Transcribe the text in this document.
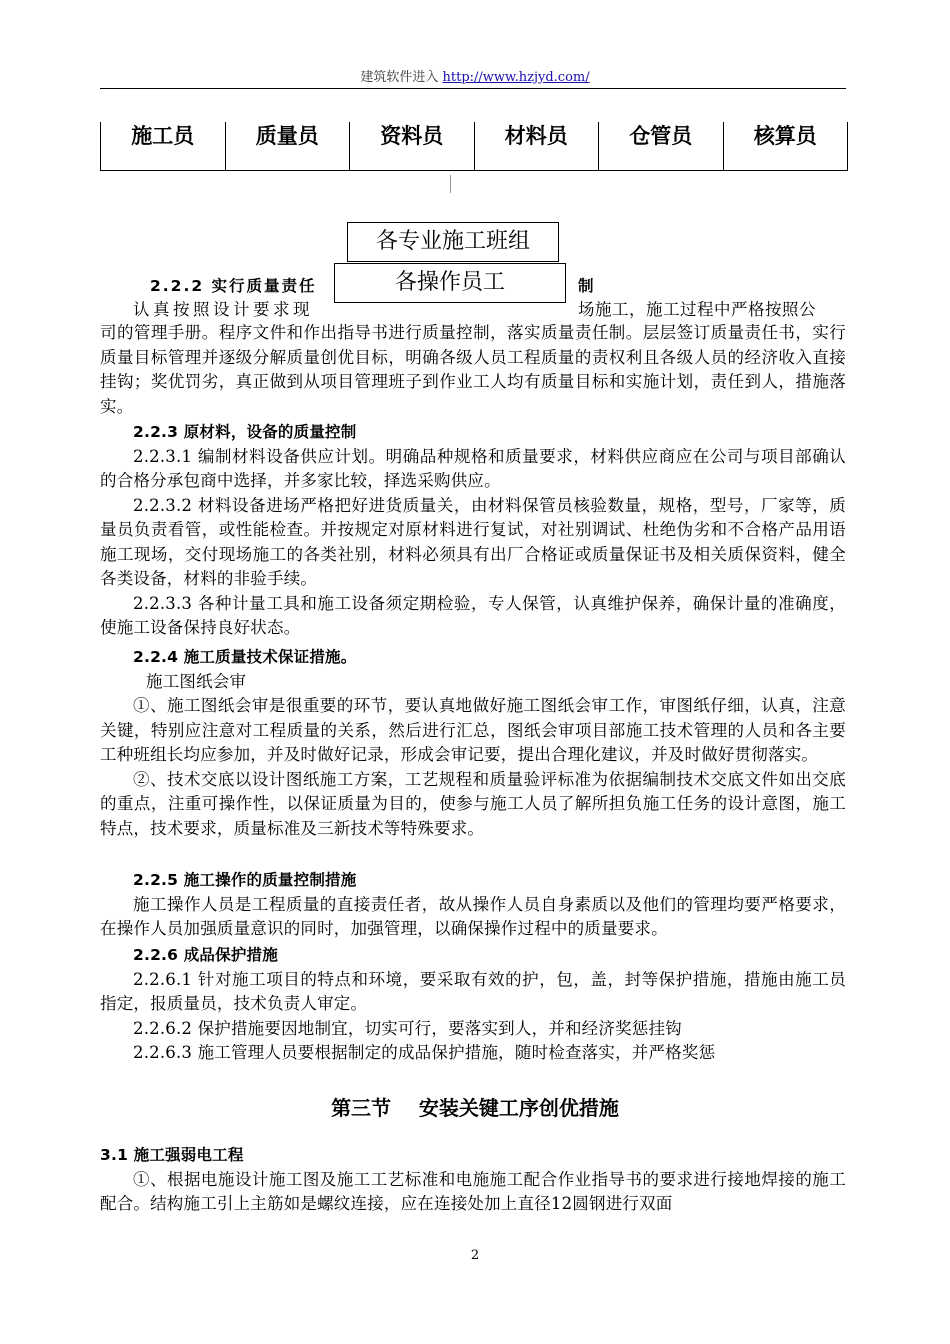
建筑软件进入 http://www.hzjyd.com/
施工员	质量员	资料员	材料员	仓管员	核算员
2.2.2 实行质量责任	制
认真按照设计要求现	场施工，施工过程中严格按照公
各专业施工班组
各操作员工

司的管理手册。程序文件和作出指导书进行质量控制，落实质量责任制。层层签订质量责任书，实行质量目标管理并逐级分解质量创优目标，明确各级人员工程质量的责权利且各级人员的经济收入直接挂钩；奖优罚劣，真正做到从项目管理班子到作业工人均有质量目标和实施计划，责任到人，措施落实。

2.2.3 原材料，设备的质量控制

2.2.3.1 编制材料设备供应计划。明确品种规格和质量要求，材料供应商应在公司与项目部确认的合格分承包商中选择，并多家比较，择选采购供应。

2.2.3.2 材料设备进场严格把好进货质量关，由材料保管员核验数量，规格，型号，厂家等，质量员负责看管，或性能检查。并按规定对原材料进行复试，对社别调试、杜绝伪劣和不合格产品用语施工现场，交付现场施工的各类社别，材料必须具有出厂合格证或质量保证书及相关质保资料，健全各类设备，材料的非验手续。

2.2.3.3 各种计量工具和施工设备须定期检验，专人保管，认真维护保养，确保计量的准确度，使施工设备保持良好状态。

2.2.4 施工质量技术保证措施。

施工图纸会审

①、施工图纸会审是很重要的环节，要认真地做好施工图纸会审工作，审图纸仔细，认真，注意关键，特别应注意对工程质量的关系，然后进行汇总，图纸会审项目部施工技术管理的人员和各主要工种班组长均应参加，并及时做好记录，形成会审记要，提出合理化建议，并及时做好贯彻落实。

②、技术交底以设计图纸施工方案，工艺规程和质量验评标准为依据编制技术交底文件如出交底的重点，注重可操作性，以保证质量为目的，使参与施工人员了解所担负施工任务的设计意图，施工特点，技术要求，质量标准及三新技术等特殊要求。

2.2.5 施工操作的质量控制措施

施工操作人员是工程质量的直接责任者，故从操作人员自身素质以及他们的管理均要严格要求，在操作人员加强质量意识的同时，加强管理，以确保操作过程中的质量要求。

2.2.6 成品保护措施

2.2.6.1 针对施工项目的特点和环境，要采取有效的护，包，盖，封等保护措施，措施由施工员指定，报质量员，技术负责人审定。

2.2.6.2 保护措施要因地制宜，切实可行，要落实到人，并和经济奖惩挂钩

2.2.6.3 施工管理人员要根据制定的成品保护措施，随时检查落实，并严格奖惩

第三节    安装关键工序创优措施

3.1 施工强弱电工程

①、根据电施设计施工图及施工工艺标准和电施施工配合作业指导书的要求进行接地焊接的施工配合。结构施工引上主筋如是螺纹连接，应在连接处加上直径12圆钢进行双面

2
